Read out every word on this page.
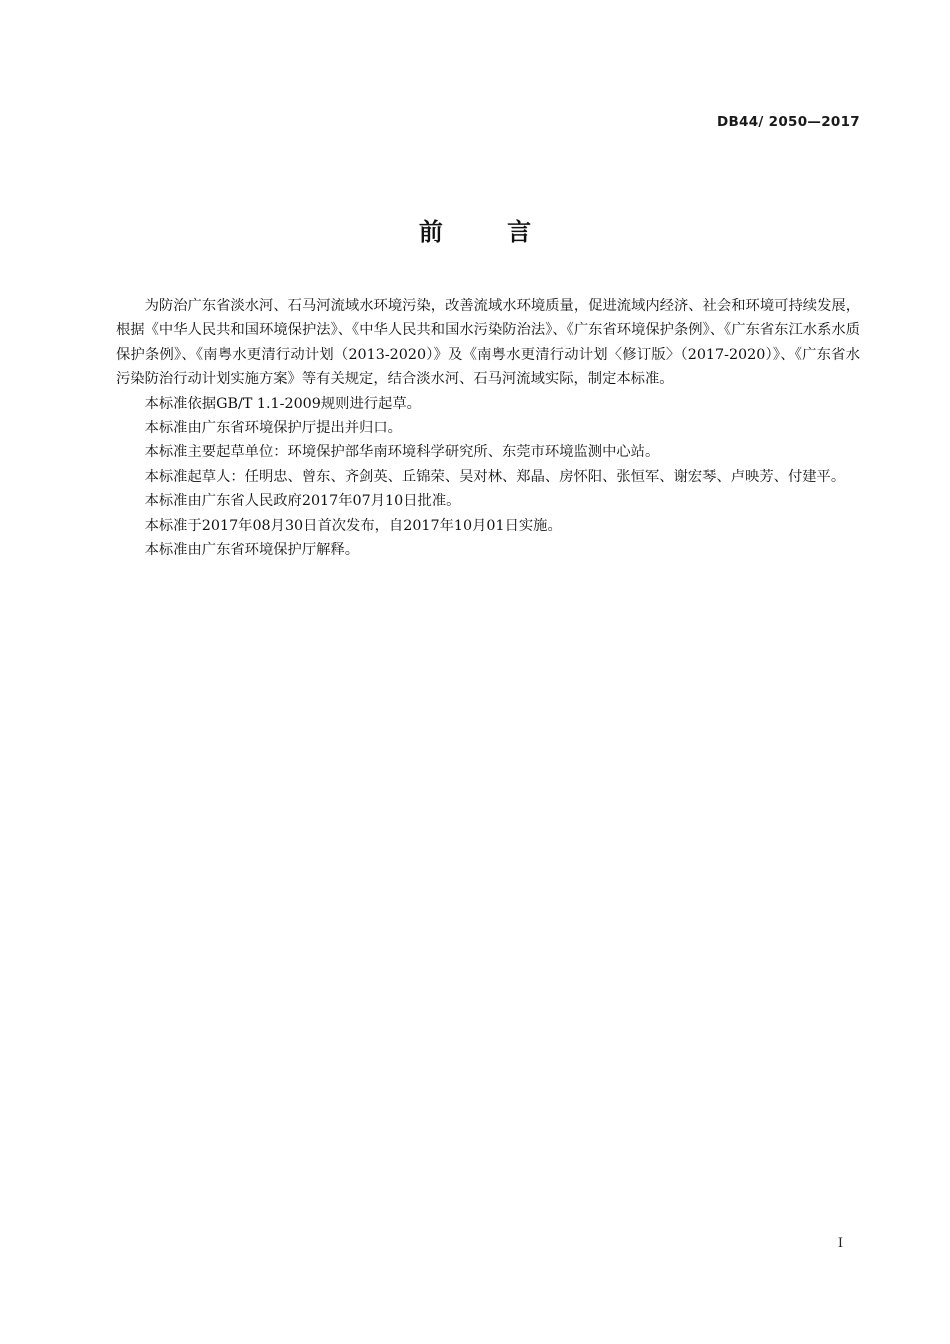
DB44/ 2050—2017
前 言

为防治广东省淡水河、石马河流域水环境污染，改善流域水环境质量，促进流域内经济、社会和环境可持续发展，根据《中华人民共和国环境保护法》、《中华人民共和国水污染防治法》、《广东省环境保护条例》、《广东省东江水系水质保护条例》、《南粤水更清行动计划（2013-2020）》及《南粤水更清行动计划〈修订版〉（2017-2020）》、《广东省水污染防治行动计划实施方案》等有关规定，结合淡水河、石马河流域实际，制定本标准。

本标准依据GB/T 1.1-2009规则进行起草。

本标准由广东省环境保护厅提出并归口。

本标准主要起草单位：环境保护部华南环境科学研究所、东莞市环境监测中心站。

本标准起草人：任明忠、曾东、齐剑英、丘锦荣、吴对林、郑晶、房怀阳、张恒军、谢宏琴、卢映芳、付建平。

本标准由广东省人民政府2017年07月10日批准。

本标准于2017年08月30日首次发布，自2017年10月01日实施。

本标准由广东省环境保护厅解释。

I
